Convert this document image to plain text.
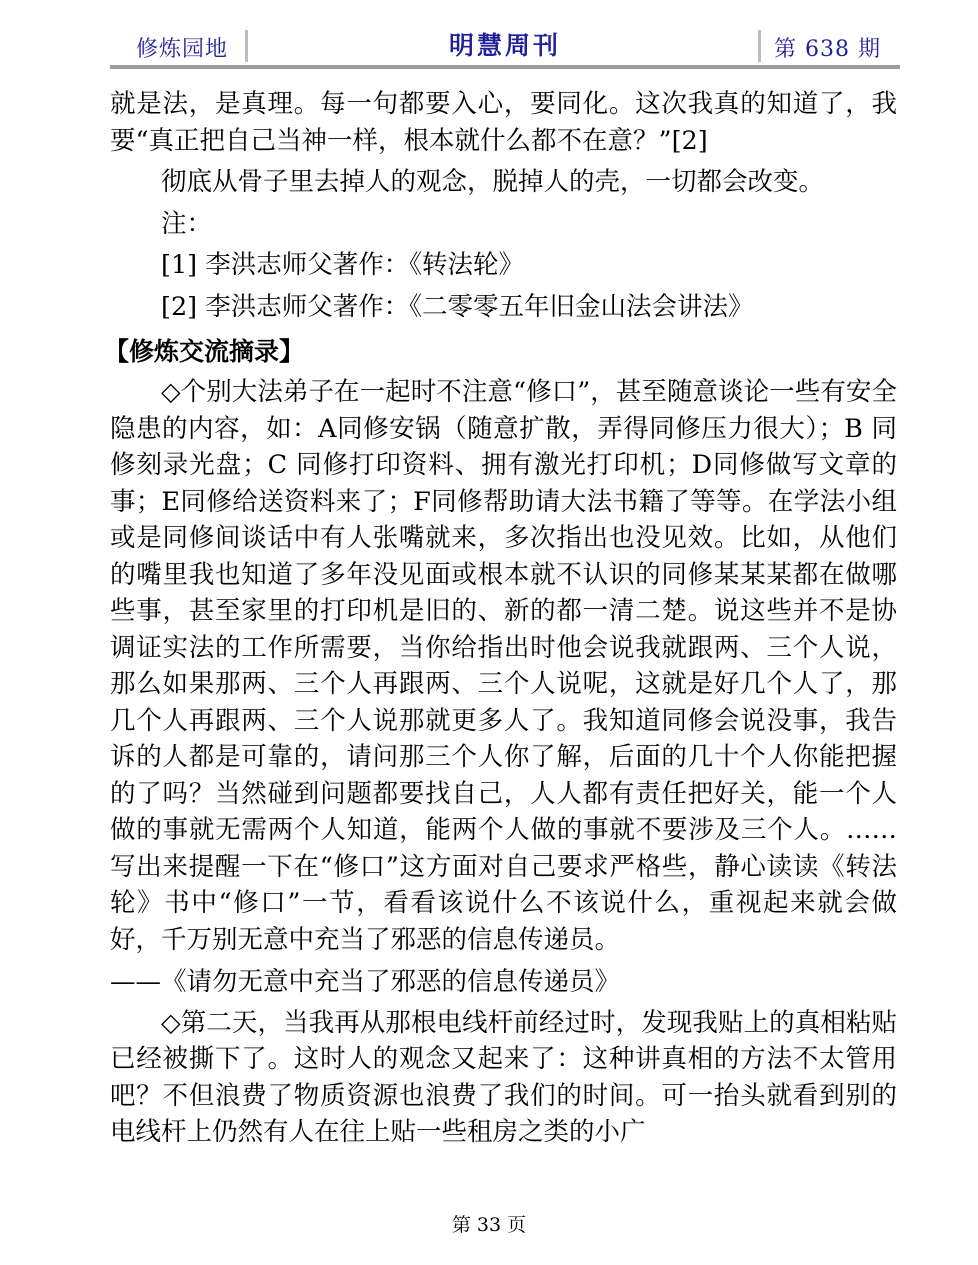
修炼园地	明慧周刊	第 638 期

就是法，是真理。每一句都要入心，要同化。这次我真的知道了，我要“真正把自己当神一样，根本就什么都不在意？”[2]

彻底从骨子里去掉人的观念，脱掉人的壳，一切都会改变。

注：

[1] 李洪志师父著作：《转法轮》

[2] 李洪志师父著作：《二零零五年旧金山法会讲法》

【修炼交流摘录】

◇个别大法弟子在一起时不注意“修口”，甚至随意谈论一些有安全隐患的内容，如：A同修安锅（随意扩散，弄得同修压力很大）；B 同修刻录光盘；C 同修打印资料、拥有激光打印机；D同修做写文章的事；E同修给送资料来了；F同修帮助请大法书籍了等等。在学法小组或是同修间谈话中有人张嘴就来，多次指出也没见效。比如，从他们的嘴里我也知道了多年没见面或根本就不认识的同修某某某都在做哪些事，甚至家里的打印机是旧的、新的都一清二楚。说这些并不是协调证实法的工作所需要，当你给指出时他会说我就跟两、三个人说，那么如果那两、三个人再跟两、三个人说呢，这就是好几个人了，那几个人再跟两、三个人说那就更多人了。我知道同修会说没事，我告诉的人都是可靠的，请问那三个人你了解，后面的几十个人你能把握的了吗？当然碰到问题都要找自己，人人都有责任把好关，能一个人做的事就无需两个人知道，能两个人做的事就不要涉及三个人。……写出来提醒一下在“修口”这方面对自己要求严格些，静心读读《转法轮》书中“修口”一节，看看该说什么不该说什么，重视起来就会做好，千万别无意中充当了邪恶的信息传递员。

——《请勿无意中充当了邪恶的信息传递员》

◇第二天，当我再从那根电线杆前经过时，发现我贴上的真相粘贴已经被撕下了。这时人的观念又起来了：这种讲真相的方法不太管用吧？不但浪费了物质资源也浪费了我们的时间。可一抬头就看到别的电线杆上仍然有人在往上贴一些租房之类的小广

第 33 页
